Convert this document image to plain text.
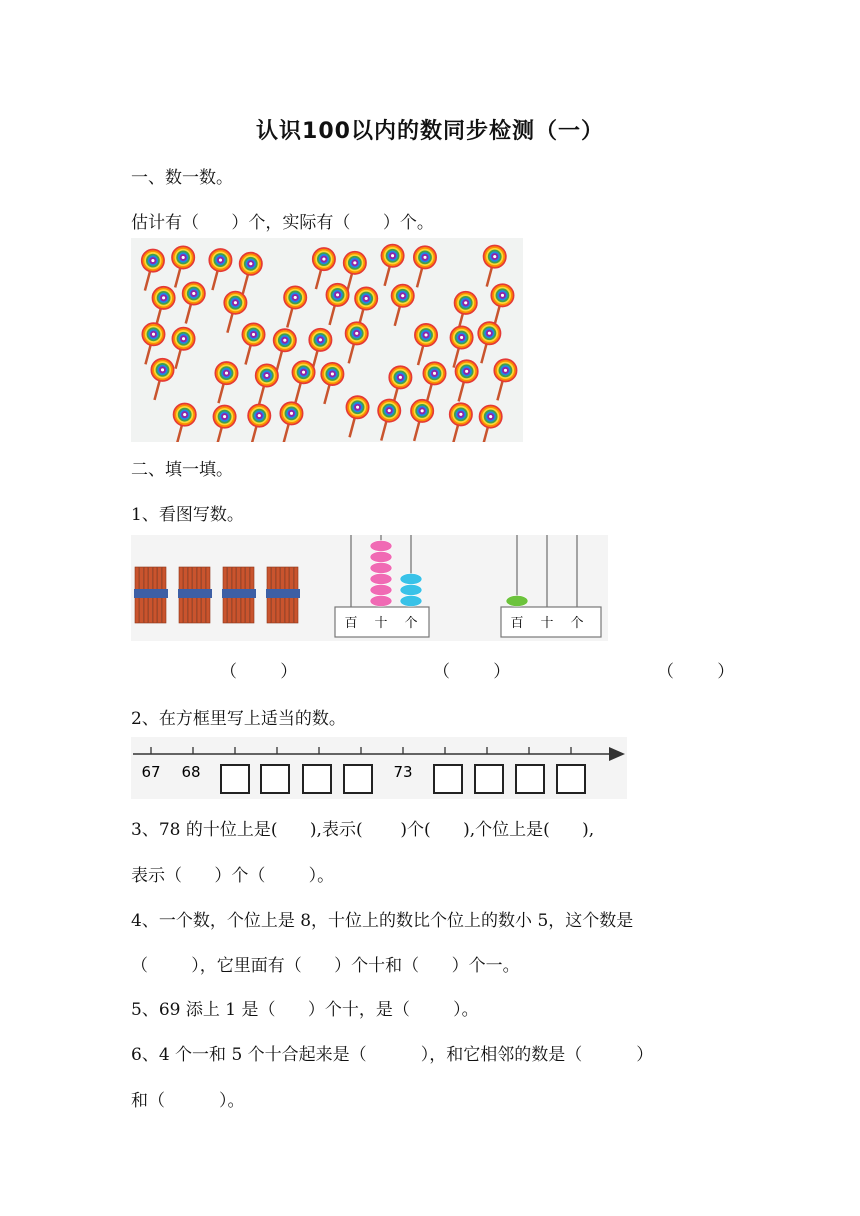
认识100以内的数同步检测（一）
一、数一数。
估计有（      ）个，实际有（      ）个。
二、填一填。
1、看图写数。
百 十 个	百 十 个
（        ）	（        ）	（        ）
2、在方框里写上适当的数。
67 68	73
3、78 的十位上是(      ),表示(       )个(      ),个位上是(      ),
表示（      ）个（        ）。
4、一个数，个位上是 8，十位上的数比个位上的数小 5，这个数是
（        ），它里面有（      ）个十和（      ）个一。
5、69 添上 1 是（      ）个十，是（        ）。
6、4 个一和 5 个十合起来是（          ），和它相邻的数是（          ）
和（          ）。
